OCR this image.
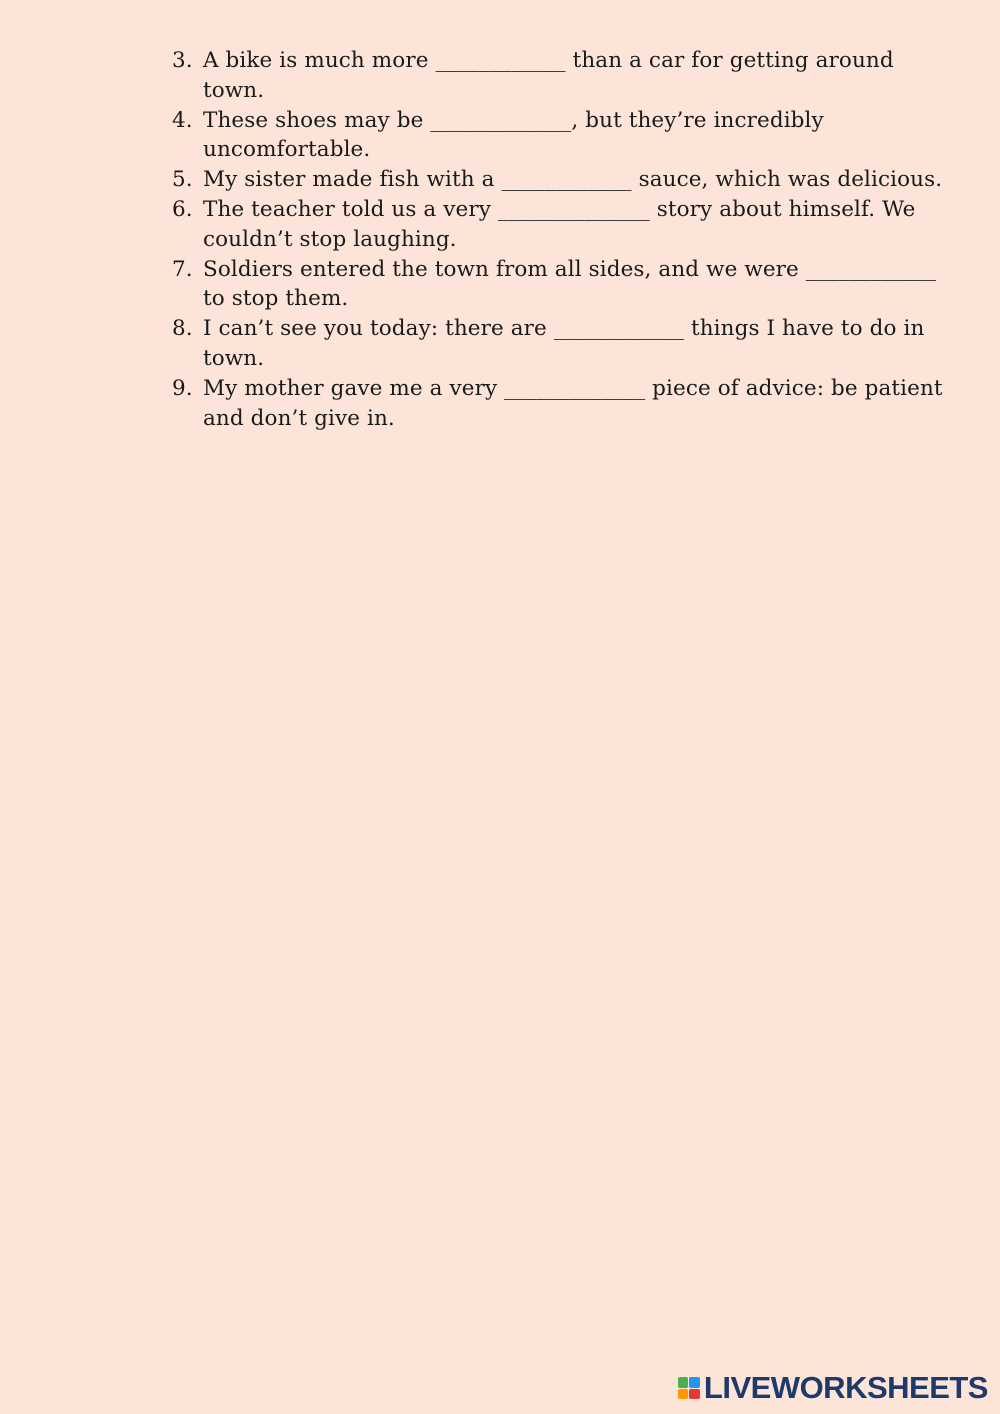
3. A bike is much more ____________ than a car for getting around town.
4. These shoes may be _____________, but they’re incredibly uncomfortable.
5. My sister made fish with a ____________ sauce, which was delicious.
6. The teacher told us a very ______________ story about himself. We couldn’t stop laughing.
7. Soldiers entered the town from all sides, and we were ____________ to stop them.
8. I can’t see you today: there are ____________ things I have to do in town.
9. My mother gave me a very _____________ piece of advice: be patient and don’t give in.
LIVEWORKSHEETS
